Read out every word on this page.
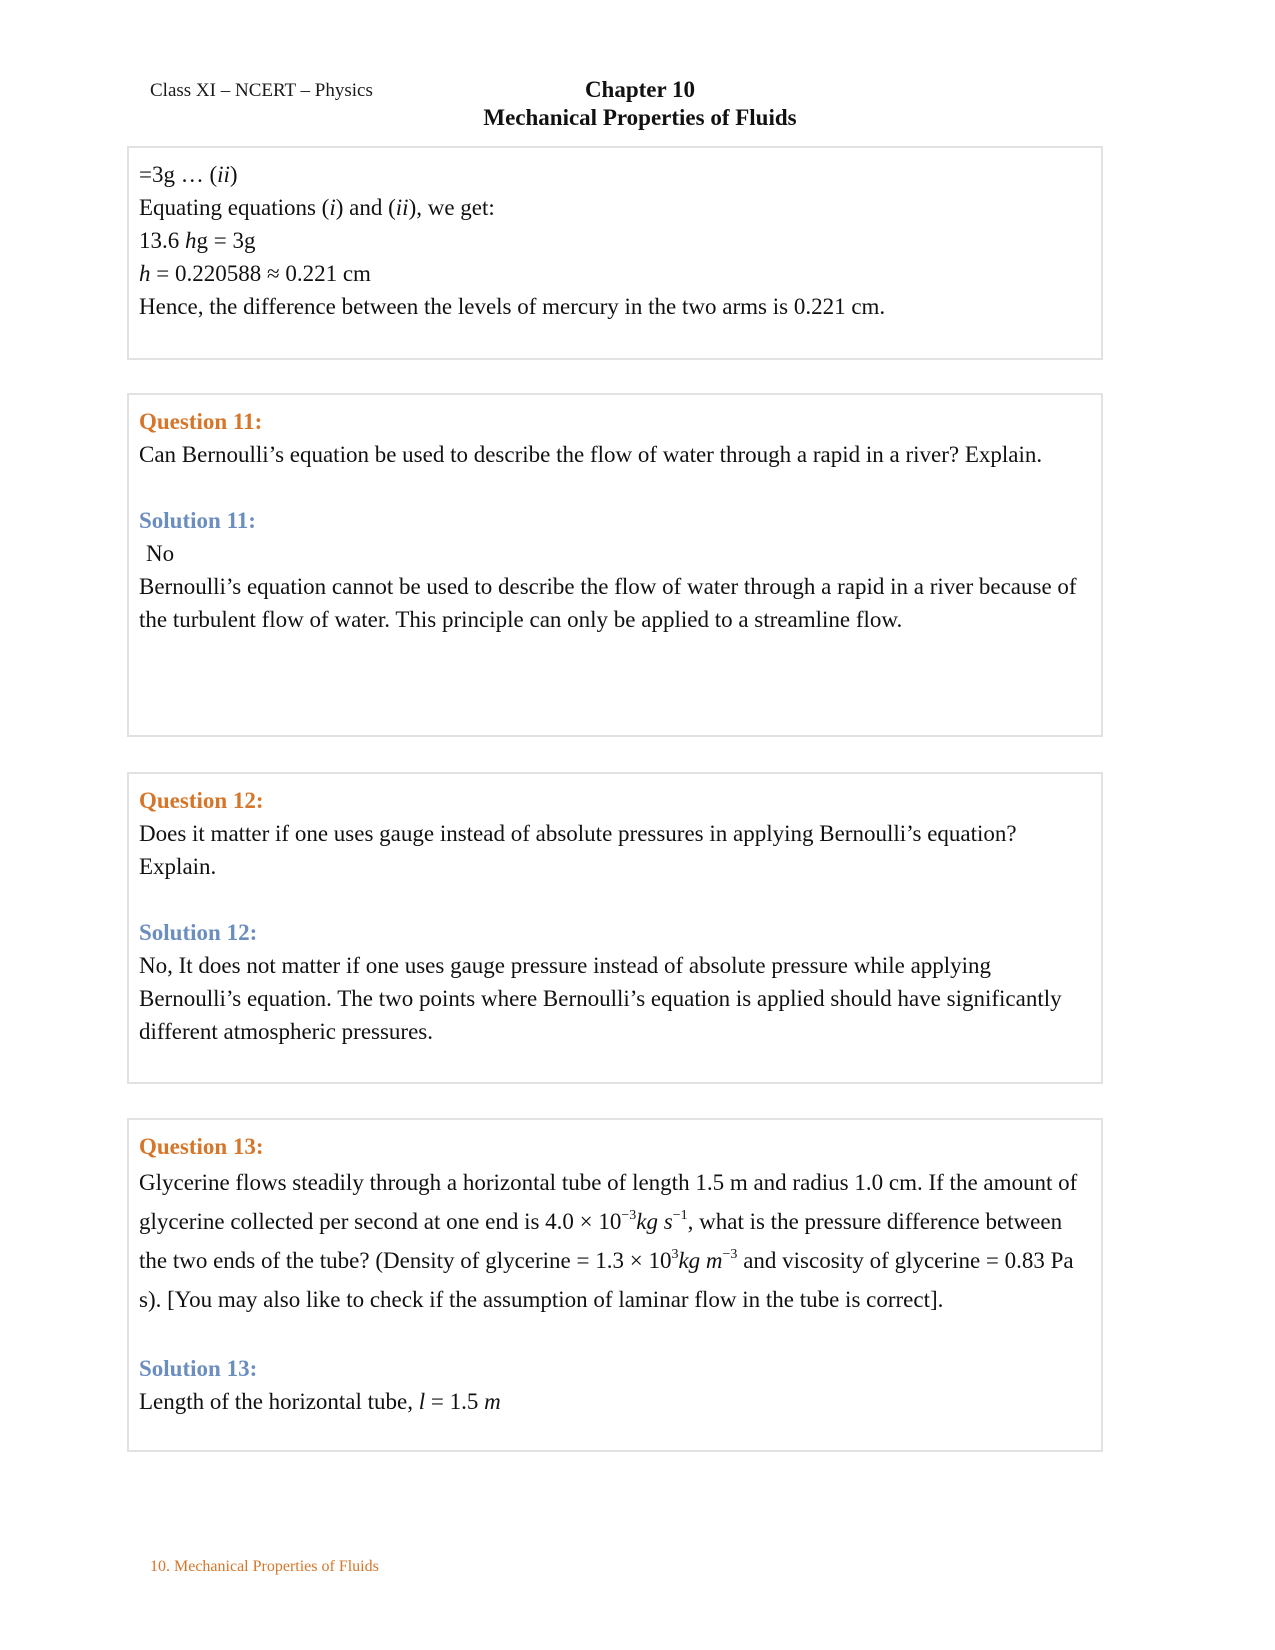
Class XI – NCERT – Physics	Chapter 10
Mechanical Properties of Fluids

=3g … (ii)

Equating equations (i) and (ii), we get:

13.6 hg = 3g

h = 0.220588 ≈ 0.221 cm

Hence, the difference between the levels of mercury in the two arms is 0.221 cm.

Question 11:

Can Bernoulli’s equation be used to describe the flow of water through a rapid in a river? Explain.

Solution 11:

No

Bernoulli’s equation cannot be used to describe the flow of water through a rapid in a river because of the turbulent flow of water. This principle can only be applied to a streamline flow.

Question 12:

Does it matter if one uses gauge instead of absolute pressures in applying Bernoulli’s equation? Explain.

Solution 12:

No, It does not matter if one uses gauge pressure instead of absolute pressure while applying Bernoulli’s equation. The two points where Bernoulli’s equation is applied should have significantly different atmospheric pressures.

Question 13:

Glycerine flows steadily through a horizontal tube of length 1.5 m and radius 1.0 cm. If the amount of glycerine collected per second at one end is $4.0 \times 10^{-3}kg$ $s^{-1}$, what is the pressure difference between the two ends of the tube? (Density of glycerine = $1.3 \times 10^3kg$ $m^{-3}$ and viscosity of glycerine = 0.83 Pa s). [You may also like to check if the assumption of laminar flow in the tube is correct].

Solution 13:

Length of the horizontal tube, l = 1.5 m

10. Mechanical Properties of Fluids
